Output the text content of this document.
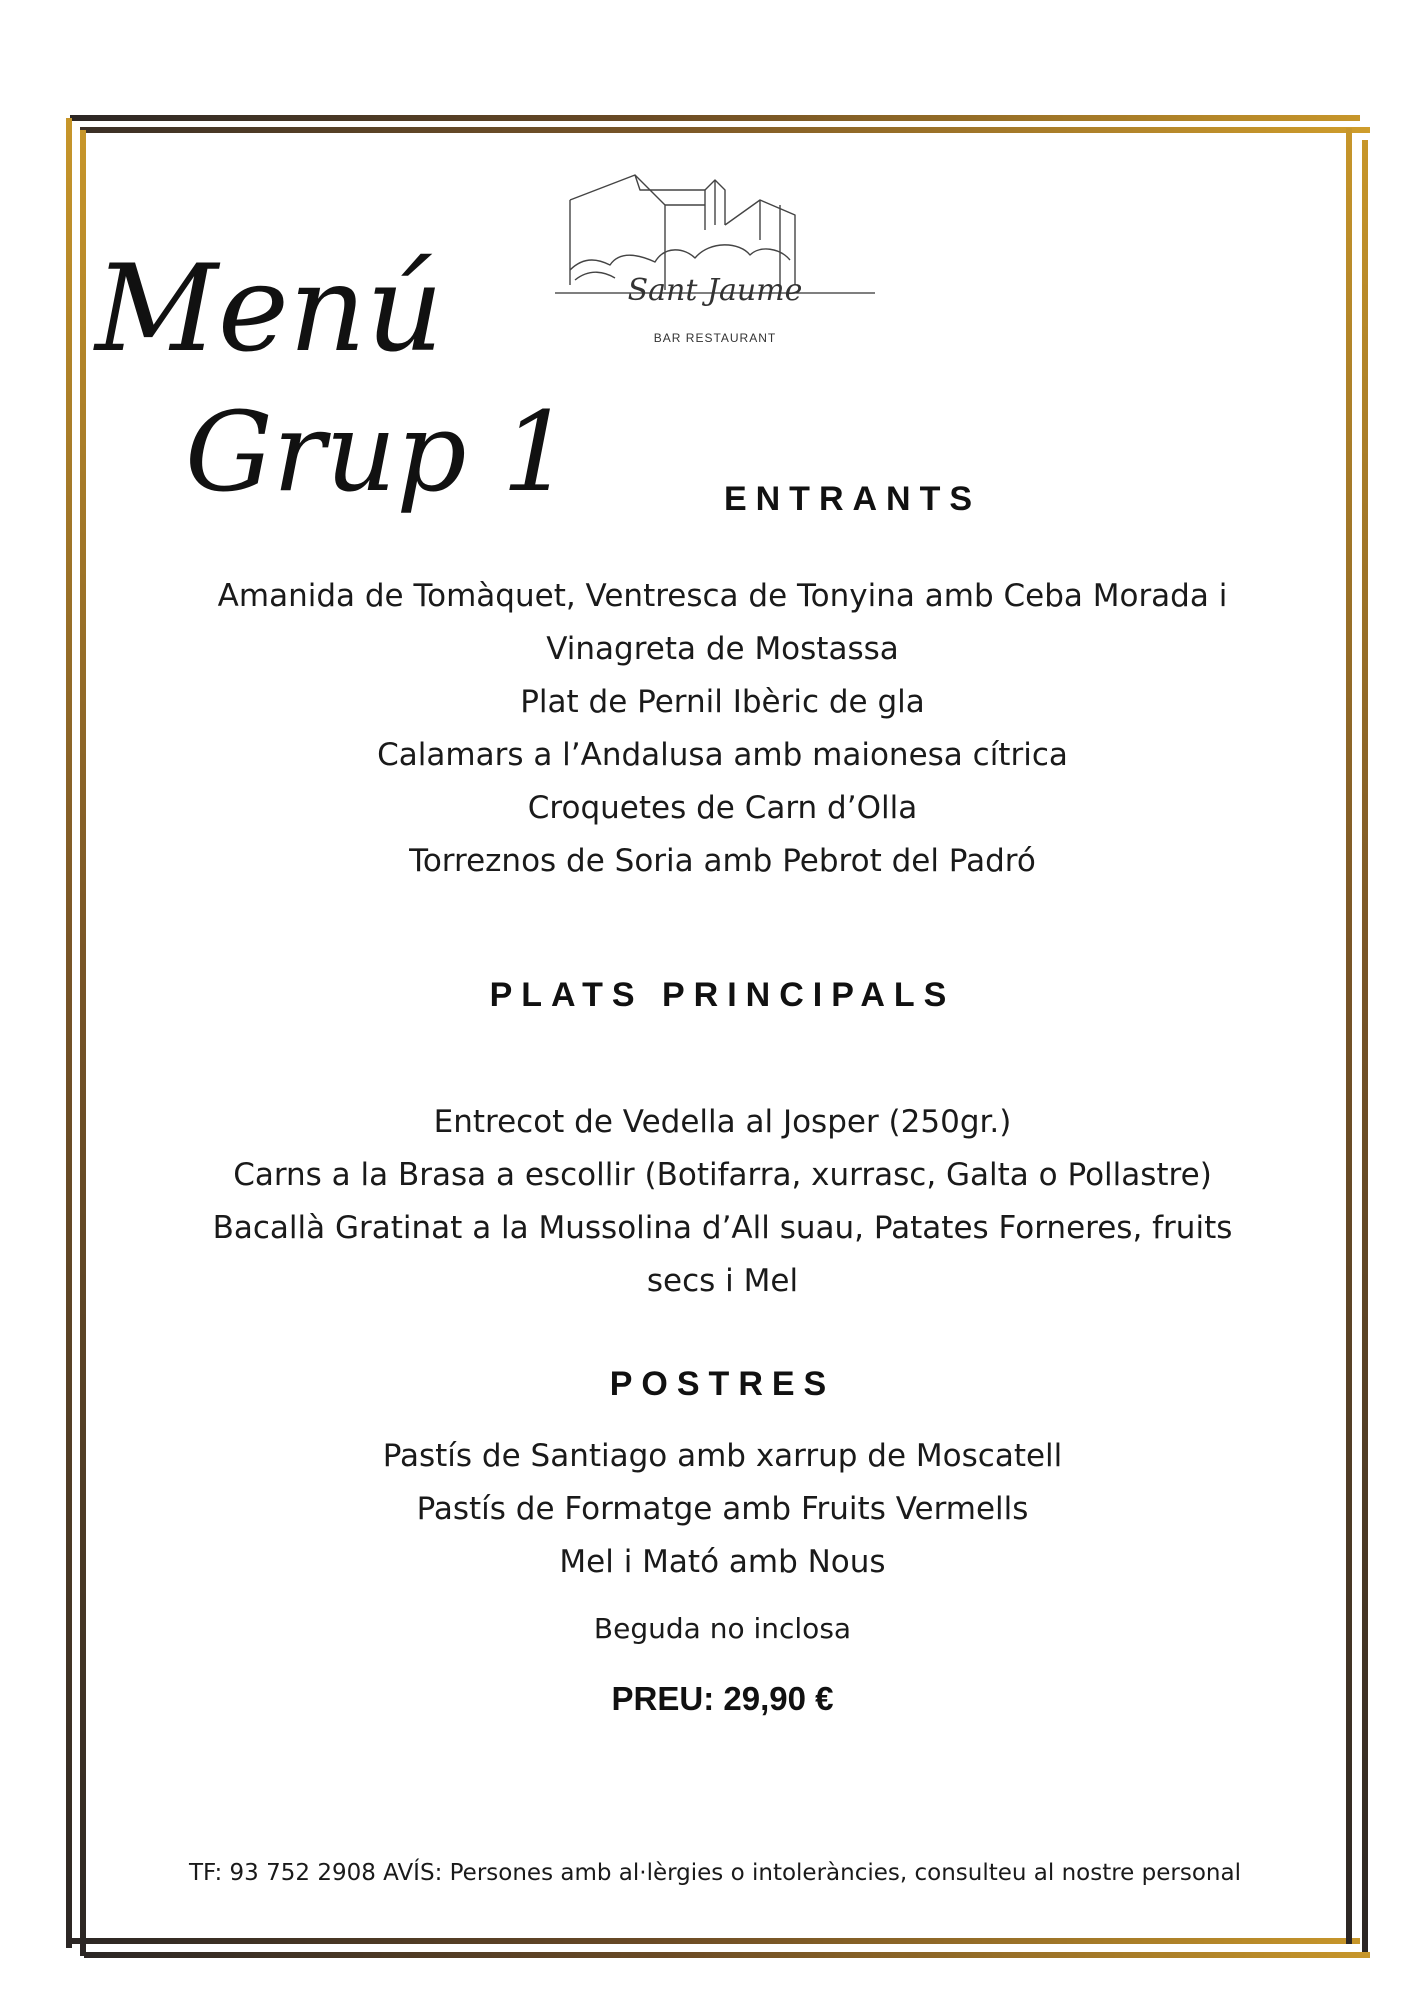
Sant Jaume
BAR RESTAURANT
Menú
Grup 1	ENTRANTS
Amanida de Tomàquet, Ventresca de Tonyina amb Ceba Morada i
Vinagreta de Mostassa
Plat de Pernil Ibèric de gla
Calamars a l’Andalusa amb maionesa cítrica
Croquetes de Carn d’Olla
Torreznos de Soria amb Pebrot del Padró
PLATS PRINCIPALS
Entrecot de Vedella al Josper (250gr.)
Carns a la Brasa a escollir (Botifarra, xurrasc, Galta o Pollastre)
Bacallà Gratinat a la Mussolina d’All suau, Patates Forneres, fruits
secs i Mel
POSTRES
Pastís de Santiago amb xarrup de Moscatell
Pastís de Formatge amb Fruits Vermells
Mel i Mató amb Nous
Beguda no inclosa
PREU: 29,90 €
TF: 93 752 2908 AVÍS: Persones amb al·lèrgies o intoleràncies, consulteu al nostre personal
